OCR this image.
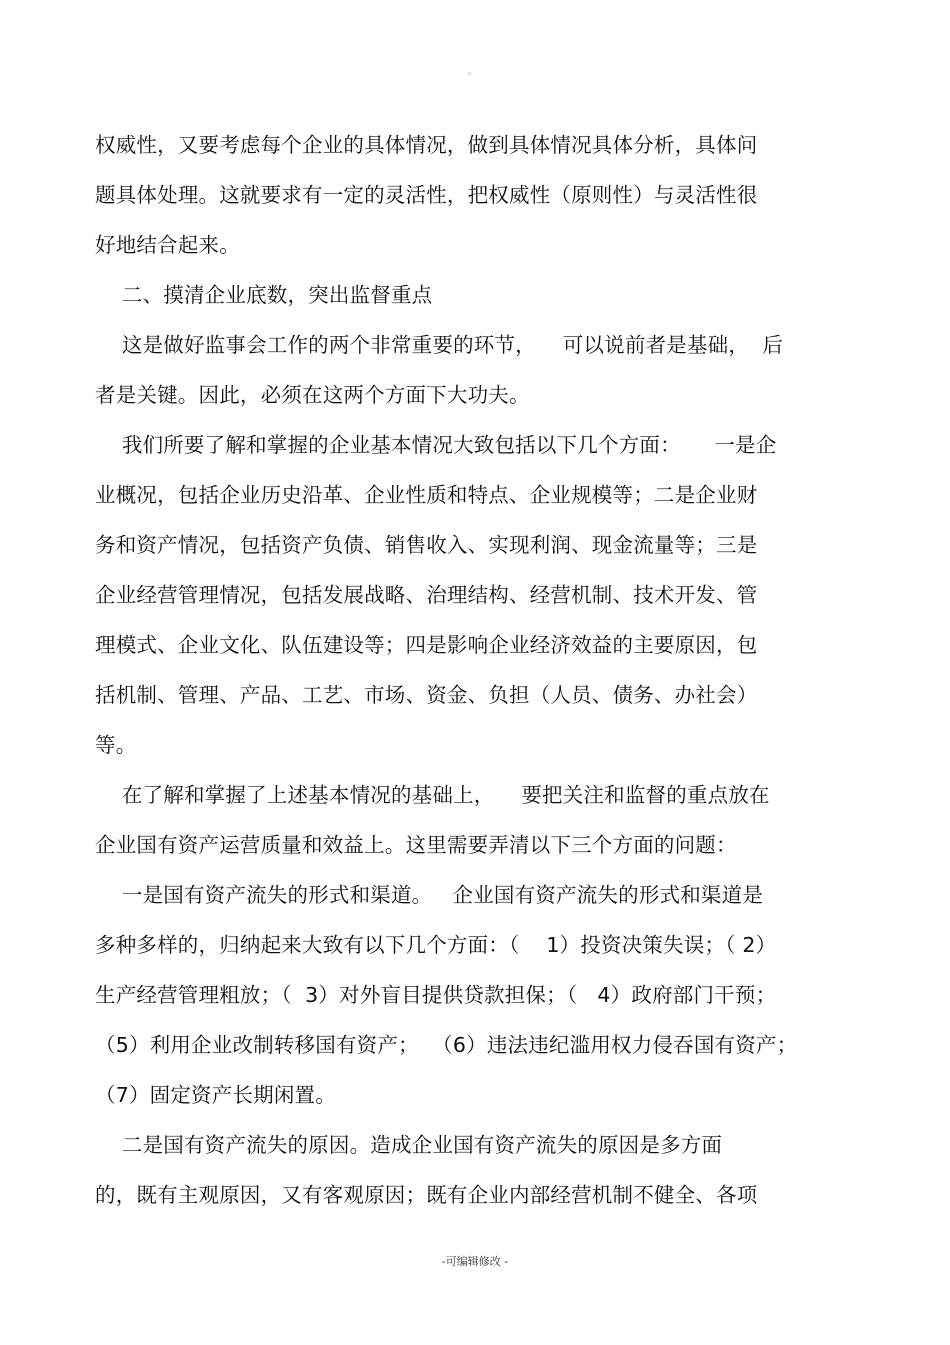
。
权威性，又要考虑每个企业的具体情况，做到具体情况具体分析，具体问
题具体处理。这就要求有一定的灵活性，把权威性（原则性）与灵活性很
好地结合起来。
二、摸清企业底数，突出监督重点
这是做好监事会工作的两个非常重要的环节，    可以说前者是基础，  后
者是关键。因此，必须在这两个方面下大功夫。
我们所要了解和掌握的企业基本情况大致包括以下几个方面：     一是企
业概况，包括企业历史沿革、企业性质和特点、企业规模等；二是企业财
务和资产情况，包括资产负债、销售收入、实现利润、现金流量等；三是
企业经营管理情况，包括发展战略、治理结构、经营机制、技术开发、管
理模式、企业文化、队伍建设等；四是影响企业经济效益的主要原因，包
括机制、管理、产品、工艺、市场、资金、负担（人员、债务、办社会）
等。
在了解和掌握了上述基本情况的基础上，    要把关注和监督的重点放在
企业国有资产运营质量和效益上。这里需要弄清以下三个方面的问题：
一是国有资产流失的形式和渠道。   企业国有资产流失的形式和渠道是
多种多样的，归纳起来大致有以下几个方面：（    1）投资决策失误；（ 2）
生产经营管理粗放；（  3）对外盲目提供贷款担保；（   4）政府部门干预；
（5）利用企业改制转移国有资产；  （6）违法违纪滥用权力侵吞国有资产；
（7）固定资产长期闲置。
二是国有资产流失的原因。造成企业国有资产流失的原因是多方面
的，既有主观原因，又有客观原因；既有企业内部经营机制不健全、各项
-可编辑修改 -
